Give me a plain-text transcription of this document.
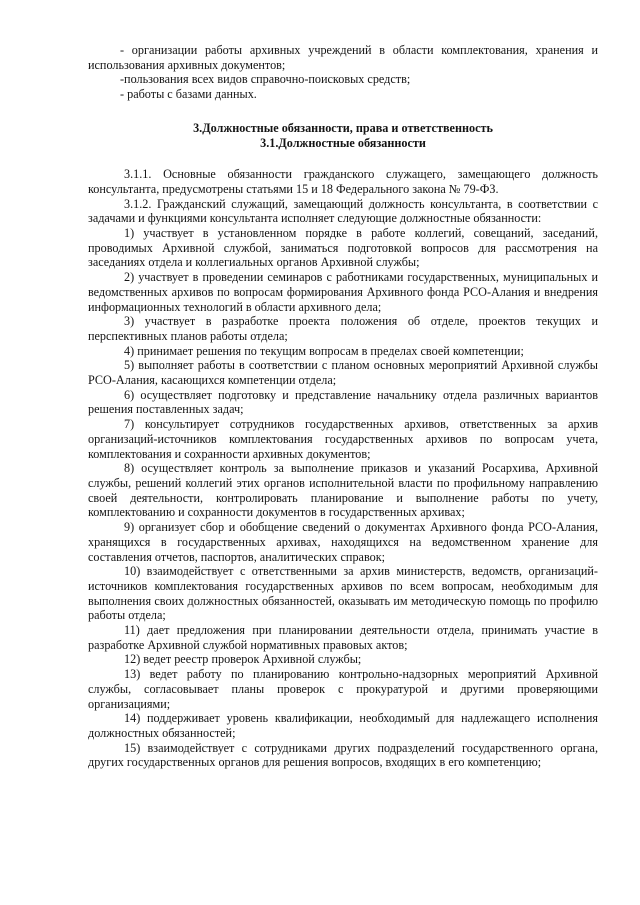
- организации работы архивных учреждений в области комплектования, хранения и использования архивных документов;

-пользования всех видов справочно-поисковых средств;

- работы с базами данных.

3.Должностные обязанности, права и ответственность

3.1.Должностные обязанности

3.1.1. Основные обязанности гражданского служащего, замещающего должность консультанта, предусмотрены статьями 15 и 18 Федерального закона № 79-ФЗ.

3.1.2. Гражданский служащий, замещающий должность консультанта, в соответствии с задачами и функциями консультанта исполняет следующие должностные обязанности:

1) участвует в установленном порядке в работе коллегий, совещаний, заседаний, проводимых Архивной службой, заниматься подготовкой вопросов для рассмотрения на заседаниях отдела и коллегиальных органов Архивной службы;

2) участвует в проведении семинаров с работниками государственных, муниципальных и ведомственных архивов по вопросам формирования Архивного фонда РСО-Алания и внедрения информационных технологий в области архивного дела;

3) участвует в разработке проекта положения об отделе, проектов текущих и перспективных планов работы отдела;

4) принимает решения по текущим вопросам в пределах своей компетенции;

5) выполняет работы в соответствии с планом основных мероприятий Архивной службы РСО-Алания, касающихся компетенции отдела;

6) осуществляет подготовку и представление начальнику отдела различных вариантов решения поставленных задач;

7) консультирует сотрудников государственных архивов, ответственных за архив организаций-источников комплектования государственных архивов по вопросам учета, комплектования и сохранности архивных документов;

8) осуществляет контроль за выполнение приказов и указаний Росархива, Архивной службы, решений коллегий этих органов исполнительной власти по профильному направлению своей деятельности, контролировать планирование и выполнение работы по учету, комплектованию и сохранности документов в государственных архивах;

9) организует сбор и обобщение сведений о документах Архивного фонда РСО-Алания, хранящихся в государственных архивах, находящихся на ведомственном хранение для составления отчетов, паспортов, аналитических справок;

10) взаимодействует с ответственными за архив министерств, ведомств, организаций-источников комплектования государственных архивов по всем вопросам, необходимым для выполнения своих должностных обязанностей, оказывать им методическую помощь по профилю работы отдела;

11) дает предложения при планировании деятельности отдела, принимать участие в разработке Архивной службой нормативных правовых актов;

12) ведет реестр проверок Архивной службы;

13) ведет работу по планированию контрольно-надзорных мероприятий Архивной службы, согласовывает планы проверок с прокуратурой и другими проверяющими организациями;

14) поддерживает уровень квалификации, необходимый для надлежащего исполнения должностных обязанностей;

15) взаимодействует с сотрудниками других подразделений государственного органа, других государственных органов для решения вопросов, входящих в его компетенцию;
